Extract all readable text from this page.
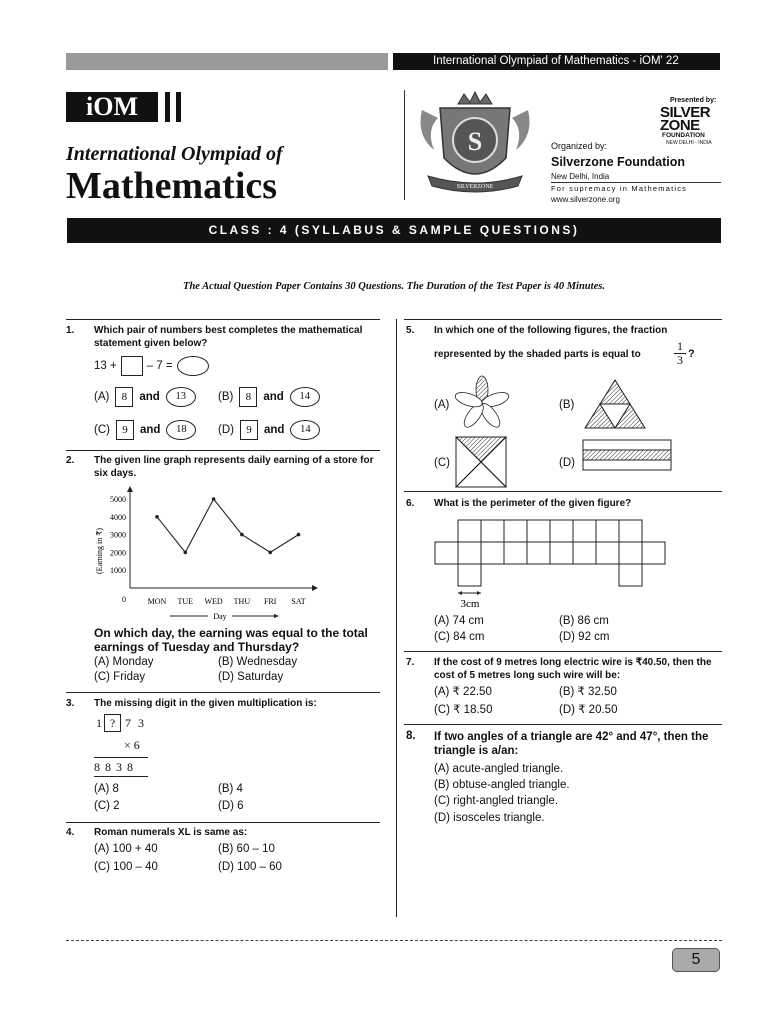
International Olympiad of Mathematics - iOM' 22
iOM
International Olympiad of
Mathematics
S
SILVERZONE
Presented by:
SILVER
ZONE
FOUNDATION
NEW DELHI - INDIA
Organized by:
Silverzone Foundation
New Delhi, India
For supremacy in Mathematics
www.silverzone.org
CLASS : 4 (SYLLABUS & SAMPLE QUESTIONS)
The Actual Question Paper Contains 30 Questions. The Duration of the Test Paper is 40 Minutes.
1. Which pair of numbers best completes the mathematical statement given below?
13 +	– 7 =
(A)	8	and	13	(B)	8	and	14
(C)	9	and	18	(D)	9	and	14
2. The given line graph represents daily earning of a store for six days.
5000
4000
3000
2000
1000
0	MON TUE WED THU FRI SAT
(Earning in ₹)
Day
On which day, the earning was equal to the total earnings of Tuesday and Thursday?
(A) Monday	(B) Wednesday
(C) Friday	(D) Saturday
3. The missing digit in the given multiplication is:
1 ? 7 3
× 6
8 8 3 8
(A) 8	(B) 4
(C) 2	(D) 6
4. Roman numerals XL is same as:
(A) 100 + 40	(B) 60 – 10
(C) 100 – 40	(D) 100 – 60
5. In which one of the following figures, the fraction
represented by the shaded parts is equal to
1
3 ?
(A)	(B)
(C)	(D)
6. What is the perimeter of the given figure?
3cm
(A) 74 cm	(B) 86 cm
(C) 84 cm	(D) 92 cm
7. If the cost of 9 metres long electric wire is ₹40.50, then the cost of 5 metres long such wire will be:
(A) ₹ 22.50	(B) ₹ 32.50
(C) ₹ 18.50	(D) ₹ 20.50
8. If two angles of a triangle are 42° and 47°, then the triangle is a/an:
(A) acute-angled triangle.
(B) obtuse-angled triangle.
(C) right-angled triangle.
(D) isosceles triangle.
5
